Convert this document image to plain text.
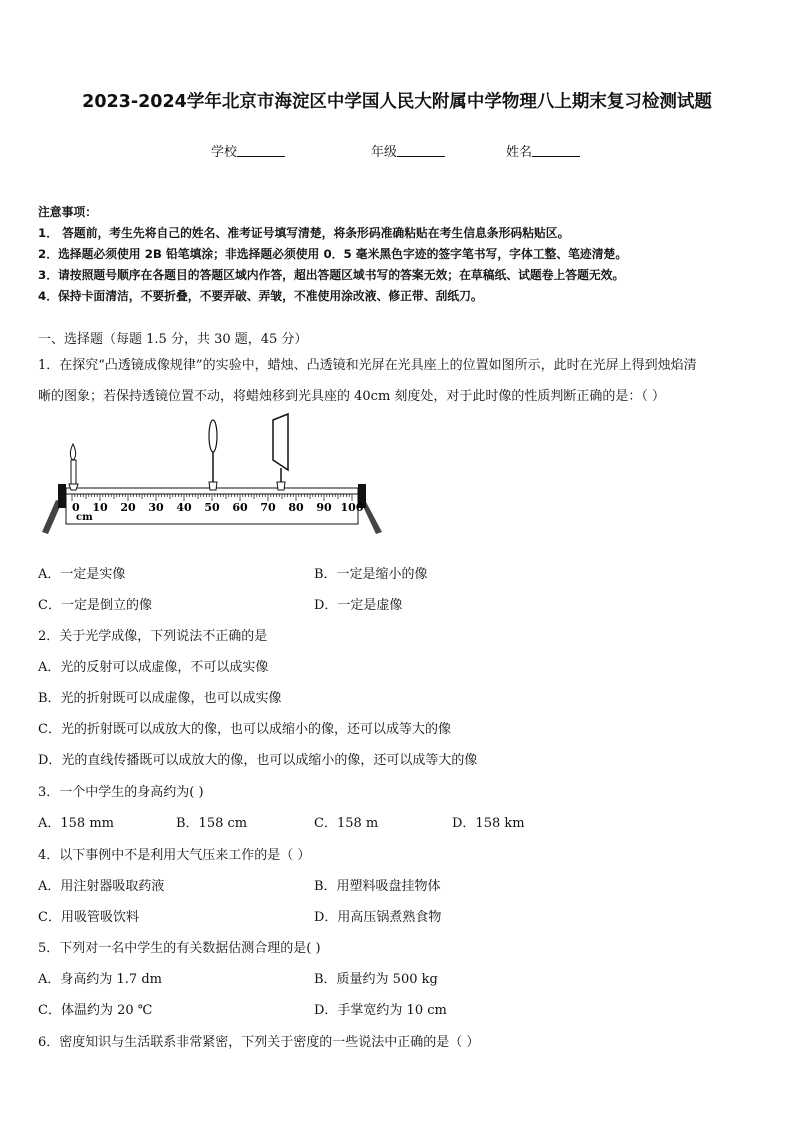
2023-2024学年北京市海淀区中学国人民大附属中学物理八上期末复习检测试题
学校	年级	姓名
注意事项：
1． 答题前，考生先将自己的姓名、准考证号填写清楚，将条形码准确粘贴在考生信息条形码粘贴区。
2．选择题必须使用 2B 铅笔填涂；非选择题必须使用 0．5 毫米黑色字迹的签字笔书写，字体工整、笔迹清楚。
3．请按照题号顺序在各题目的答题区域内作答，超出答题区域书写的答案无效；在草稿纸、试题卷上答题无效。
4．保持卡面清洁，不要折叠，不要弄破、弄皱，不准使用涂改液、修正带、刮纸刀。
一、选择题（每题 1.5 分，共 30 题，45 分）
1．在探究“凸透镜成像规律”的实验中，蜡烛、凸透镜和光屏在光具座上的位置如图所示，此时在光屏上得到烛焰清
晰的图象；若保持透镜位置不动，将蜡烛移到光具座的 40cm 刻度处，对于此时像的性质判断正确的是：（ ）
0 10 20 30 40 50 60 70 80 90 100
cm
A．一定是实像	B．一定是缩小的像
C．一定是倒立的像	D．一定是虚像
2．关于光学成像，下列说法不正确的是
A．光的反射可以成虚像，不可以成实像
B．光的折射既可以成虚像，也可以成实像
C．光的折射既可以成放大的像，也可以成缩小的像，还可以成等大的像
D．光的直线传播既可以成放大的像，也可以成缩小的像，还可以成等大的像
3．一个中学生的身高约为( )
A．158 mm	B．158 cm	C．158 m	D．158 km
4．以下事例中不是利用大气压来工作的是（ ）
A．用注射器吸取药液	B．用塑料吸盘挂物体
C．用吸管吸饮料	D．用高压锅煮熟食物
5．下列对一名中学生的有关数据估测合理的是( )
A．身高约为 1.7 dm	B．质量约为 500 kg
C．体温约为 20 ℃	D．手掌宽约为 10 cm
6．密度知识与生活联系非常紧密，下列关于密度的一些说法中正确的是（ ）
